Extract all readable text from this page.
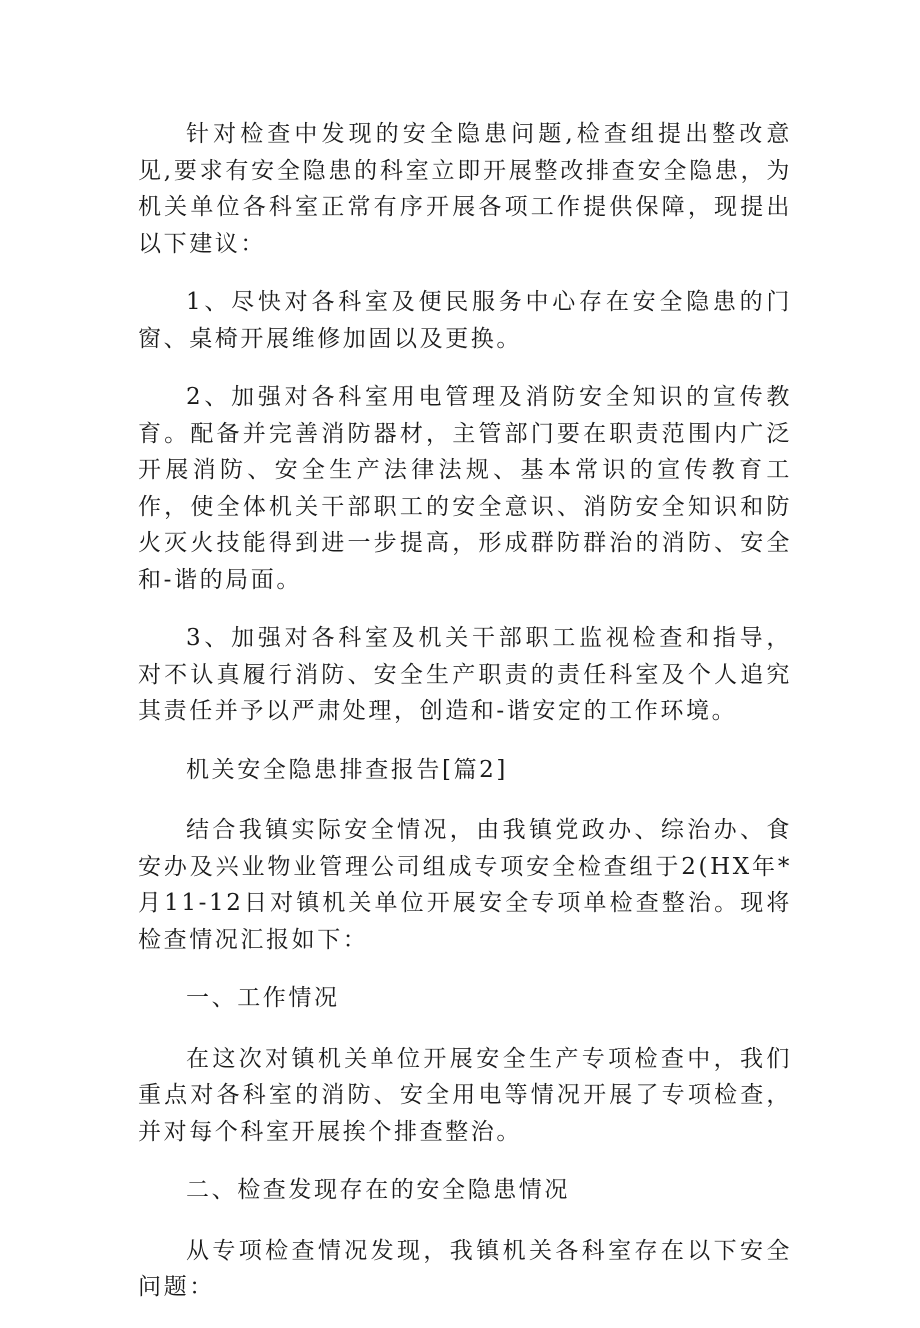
针对检查中发现的安全隐患问题,检查组提出整改意见,要求有安全隐患的科室立即开展整改排查安全隐患，为机关单位各科室正常有序开展各项工作提供保障，现提出以下建议：

1、尽快对各科室及便民服务中心存在安全隐患的门窗、桌椅开展维修加固以及更换。

2、加强对各科室用电管理及消防安全知识的宣传教育。配备并完善消防器材，主管部门要在职责范围内广泛开展消防、安全生产法律法规、基本常识的宣传教育工作，使全体机关干部职工的安全意识、消防安全知识和防火灭火技能得到进一步提高，形成群防群治的消防、安全和-谐的局面。

3、加强对各科室及机关干部职工监视检查和指导，对不认真履行消防、安全生产职责的责任科室及个人追究其责任并予以严肃处理，创造和-谐安定的工作环境。

机关安全隐患排查报告[篇2]

结合我镇实际安全情况，由我镇党政办、综治办、食安办及兴业物业管理公司组成专项安全检查组于2(HX年*月11-12日对镇机关单位开展安全专项单检查整治。现将检查情况汇报如下：

一、工作情况

在这次对镇机关单位开展安全生产专项检查中，我们重点对各科室的消防、安全用电等情况开展了专项检查，并对每个科室开展挨个排查整治。

二、检查发现存在的安全隐患情况

从专项检查情况发现，我镇机关各科室存在以下安全问题：
